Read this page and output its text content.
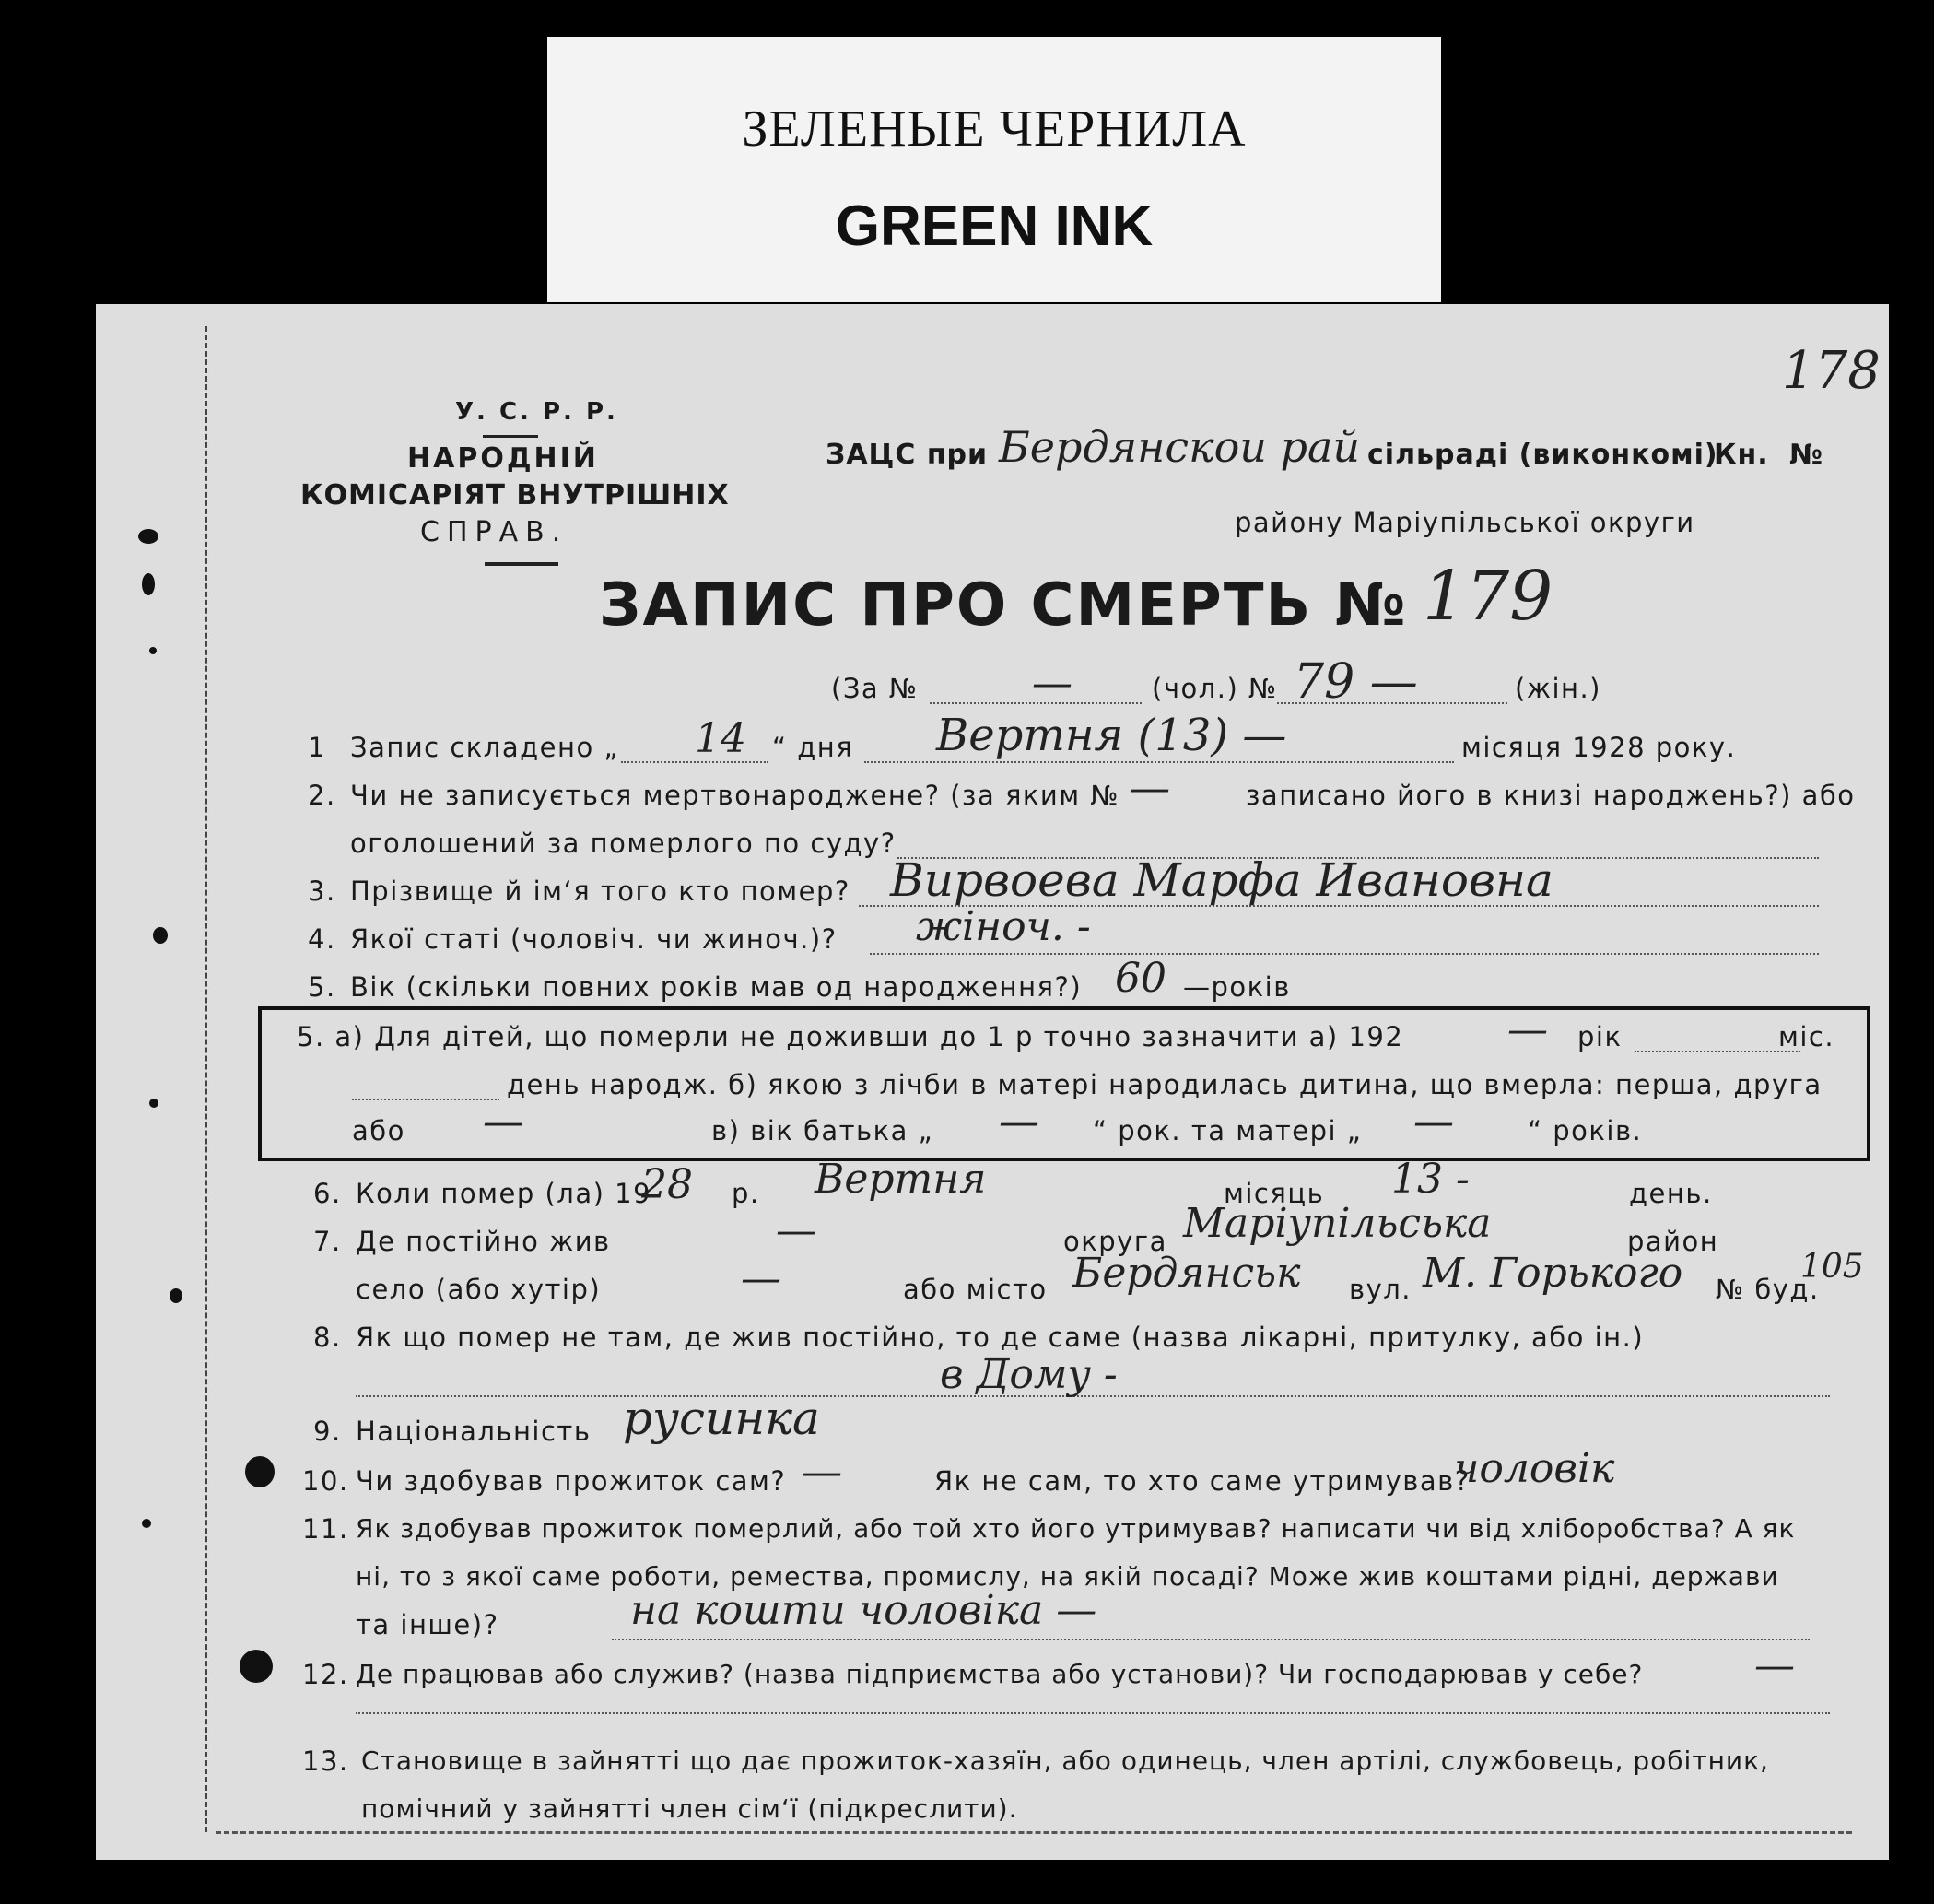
ЗЕЛЕНЫЕ ЧЕРНИЛА
GREEN INK
178
У. С. Р. Р.
НАРОДНІЙ
КОМІСАРІЯТ ВНУТРІШНІХ
СПРАВ.
ЗАЦС при Бердянскои рай сільраді (виконкомі)
Кн. №
району Маріупільської округи
ЗАПИС ПРО СМЕРТЬ № 179
(За №	—	(чол.) № 79 —	(жін.)
1 Запис складено „ 14 “ дня Вертня (13) —	місяця 1928 року.
2. Чи не записується мертвонароджене? (за яким № —	записано його в книзі народжень?) або
оголошений за померлого по суду?
3. Прізвище й ім‘я того кто помер? Вирвоева Марфа Ивановна
4. Якої статі (чоловіч. чи жиноч.)? жіноч. -
5. Вік (скільки повних років мав од народження?) 60 —років
5. а) Для дітей, що померли не доживши до 1 р точно зазначити а) 192	— рік	міс.
день народж. б) якою з лічби в матері народилась дитина, що вмерла: перша, друга
або —	в) вік батька „ — “ рок. та матері „ —	“ років.
6. Коли помер (ла) 19
28 р. Вертня	місяць 13 -	день.
7. Де постійно жив	—	округа Маріупільська	район
село (або хутір)	—	або місто Бердянськ вул. М. Горького № буд.
105
8. Як що помер не там, де жив постійно, то де саме (назва лікарні, притулку, або ін.)
в Дому -
9. Національність русинка
10. Чи здобував прожиток сам? —	Як не сам, то хто саме утримував?
чоловік
11. Як здобував прожиток померлий, або той хто його утримував? написати чи від хліборобства? А як
ні, то з якої саме роботи, ремества, промислу, на якій посаді? Може жив коштами рідні, держави
та інше)?	на кошти чоловіка —
12. Де працював або служив? (назва підприємства або установи)? Чи господарював у себе?	—
13. Становище в зайнятті що дає прожиток-хазяїн, або одинець, член артілі, службовець, робітник,
помічний у зайнятті член сім‘ї (підкреслити).
